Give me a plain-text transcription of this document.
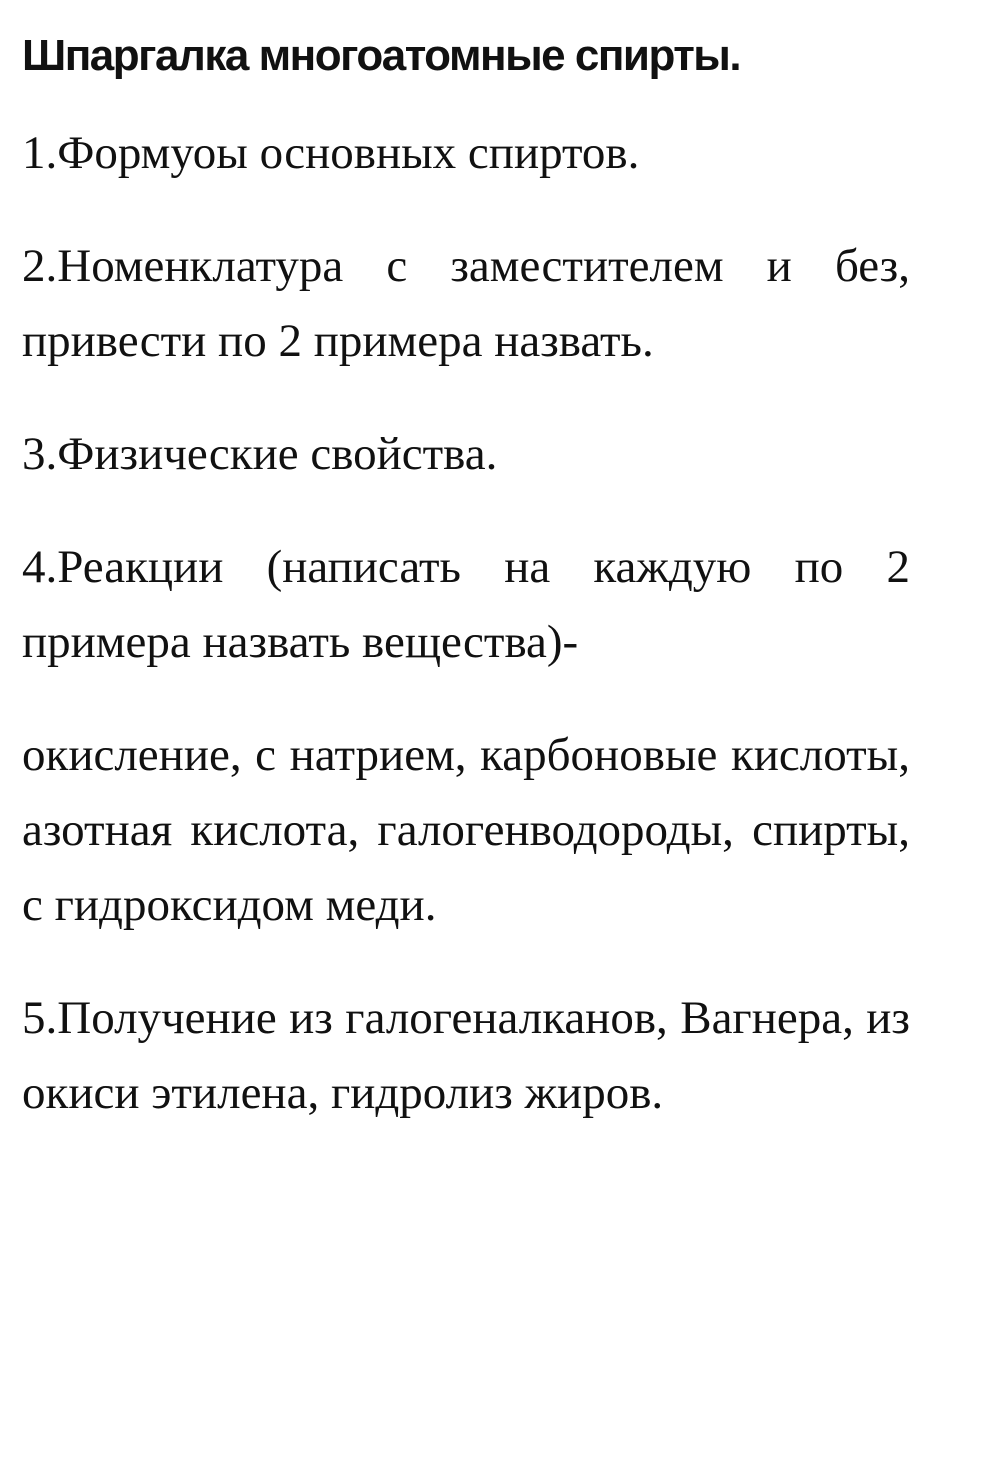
Шпаргалка многоатомные спирты.

1.Формуоы основных спиртов.

2.Номенклатура с заместителем и без, привести по 2 примера назвать.

3.Физические свойства.

4.Реакции (написать на каждую по 2 примера назвать вещества)-

окисление, с натрием, карбоновые кислоты, азотная кислота, галогенводороды, спирты, с гидроксидом меди.

5.Получение из галогеналканов, Вагнера, из окиси этилена, гидролиз жиров.
